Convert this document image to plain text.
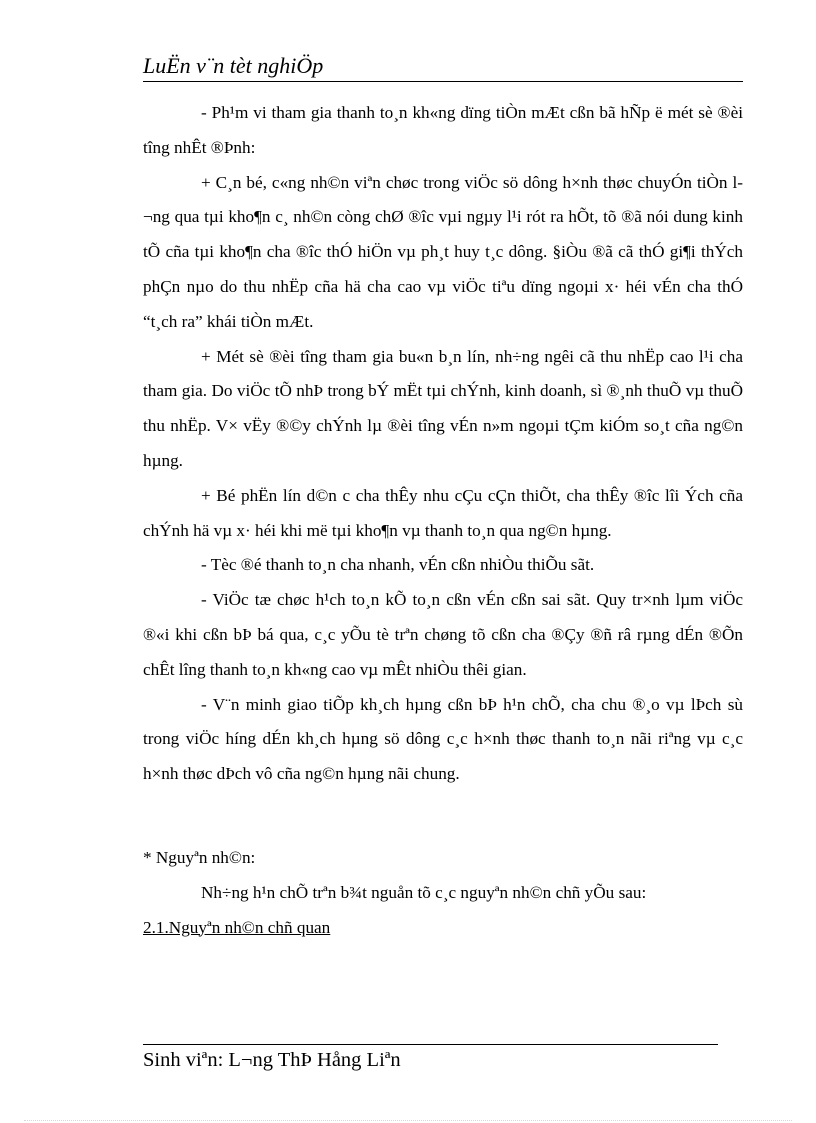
LuËn v¨n tèt nghiÖp

- Ph¹m vi tham gia thanh to¸n kh«ng dïng tiÒn mÆt cßn bã hÑp ë mét sè ®èi tîng nhÊt ®Þnh:

+ C¸n bé, c«ng nh©n viªn chøc trong viÖc sö dông h×nh thøc chuyÓn tiÒn l¬ng qua tµi kho¶n c¸ nh©n còng chØ ®îc vµi ngµy l¹i rót ra hÕt, tõ ®ã nói dung kinh tÕ cña tµi kho¶n cha ®îc thÓ hiÖn vµ ph¸t huy t¸c dông. §iÒu ®ã cã thÓ gi¶i thÝch phÇn nµo do thu nhËp cña hä cha cao vµ viÖc tiªu dïng ngoµi x· héi vÉn cha thÓ “t¸ch ra” khái tiÒn mÆt.

+ Mét sè ®èi tîng tham gia bu«n b¸n lín, nh÷ng ngêi cã thu nhËp cao l¹i cha tham gia. Do viÖc tÕ nhÞ trong bÝ mËt tµi chÝnh, kinh doanh, sì ®¸nh thuÕ vµ thuÕ thu nhËp. V× vËy ®©y chÝnh lµ ®èi tîng vÉn n»m ngoµi tÇm kiÓm so¸t cña ng©n hµng.

+ Bé phËn lín d©n c cha thÊy nhu cÇu cÇn thiÕt, cha thÊy ®îc lîi Ých cña chÝnh hä vµ x· héi khi më tµi kho¶n vµ thanh to¸n qua ng©n hµng.

- Tèc ®é thanh to¸n cha nhanh, vÉn cßn nhiÒu thiÕu sãt.

- ViÖc tæ chøc h¹ch to¸n kÕ to¸n cßn vÉn cßn sai sãt. Quy tr×nh lµm viÖc ®«i khi cßn bÞ bá qua, c¸c yÕu tè trªn chøng tõ cßn cha ®Çy ®ñ râ rµng dÉn ®Õn chÊt lîng thanh to¸n kh«ng cao vµ mÊt nhiÒu thêi gian.

- V¨n minh giao tiÕp kh¸ch hµng cßn bÞ h¹n chÕ, cha chu ®¸o vµ lÞch sù trong viÖc híng dÉn kh¸ch hµng sö dông c¸c h×nh thøc thanh to¸n nãi riªng vµ c¸c h×nh thøc dÞch vô cña ng©n hµng nãi chung.

* Nguyªn nh©n:

Nh÷ng h¹n chÕ trªn b¾t nguån tõ c¸c nguyªn nh©n chñ yÕu sau:

2.1.Nguyªn nh©n chñ quan

Sinh viªn: L¬ng ThÞ Hång Liªn
